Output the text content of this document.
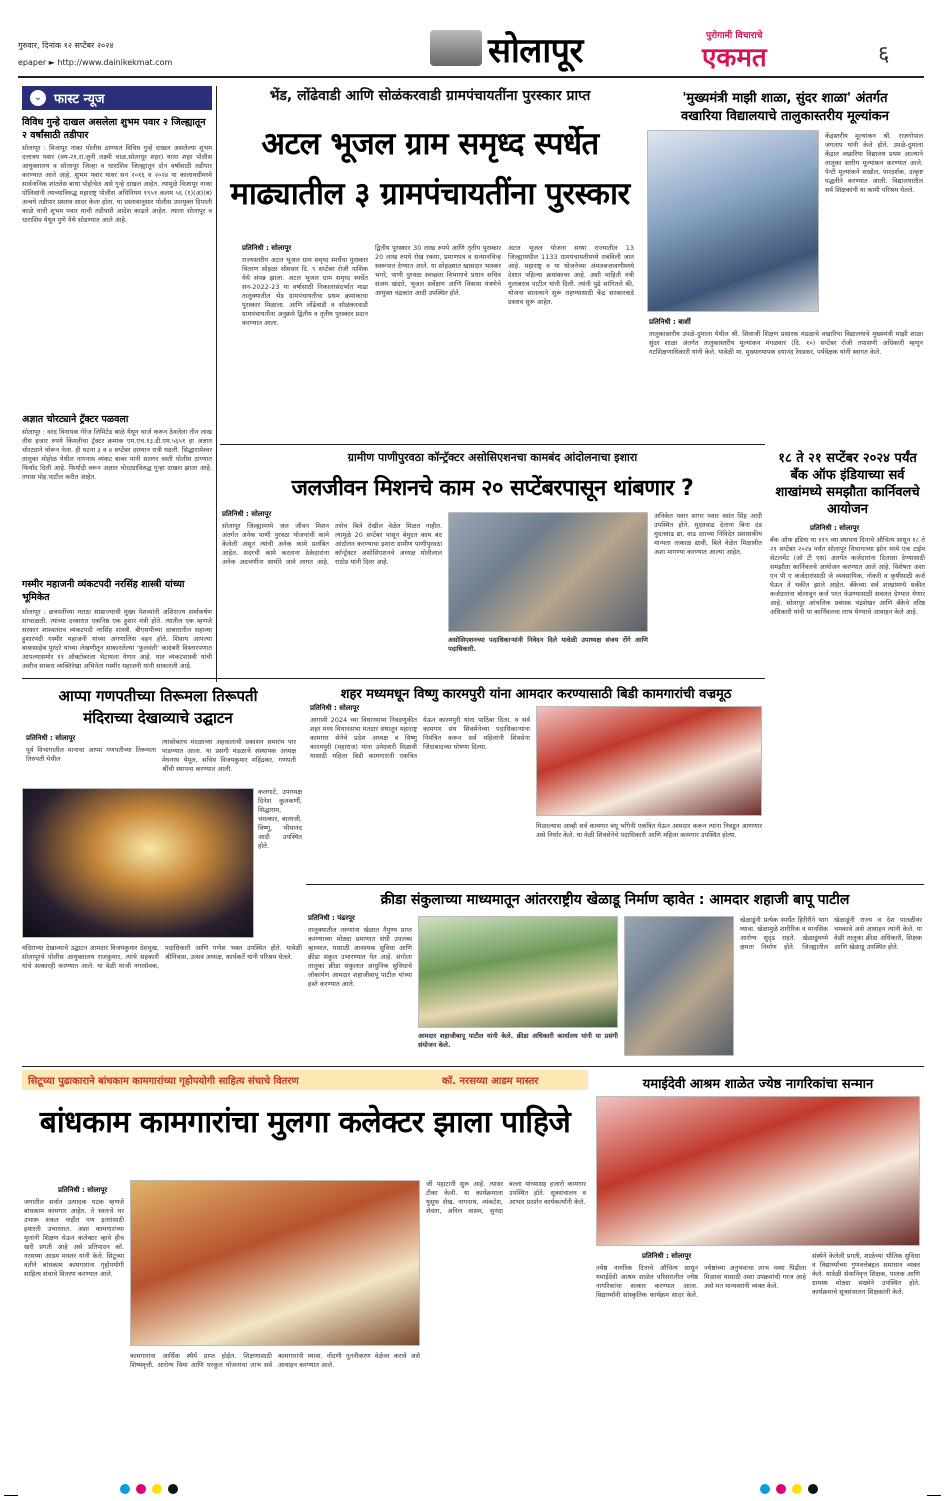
गुरुवार, दिनांक १२ सप्टेंबर २०२४
epaper ► http://www.dainikekmat.com	सोलापूर	पुरोगामी विचाराचे
एकमत	६
⌄ फास्ट न्यूज
विविध गुन्हे दाखल असलेला शुभम पवार २ जिल्ह्यातून २ वर्षांसाठी तडीपार
सोलापूर : विजापूर नाका पोलीस ठाण्यात विविध गुन्हे दाखल असलेल्या शुभम दत्तात्रय पवार (वय-२१,रा.जुनी लक्ष्मी चाळ,सोलापूर शहर) याला शहर पोलीस आयुक्तालय व सोलापूर जिल्हा व धाराशिव जिल्ह्यातून दोन वर्षांसाठी तडीपार करण्यात आले आहे. शुभम पवार यावर सन २०१६ व २०२४ या कालावधीमध्ये सार्वजनिक शांततेस बाधा पोहोचेल असे गुन्हे दाखल आहेत. त्यामुळे विजापूर नाका पोलिसांनी त्याच्याविरुद्ध महाराष्ट्र पोलीस अधिनियम १९५१ कलम ५६ (१)(अ)(ब) अन्वये तडीपार प्रस्ताव सादर केला होता. या प्रस्तावानुसार पोलीस उपायुक्त दिपाली काळे यांनी शुभम पवार याची तडीपारी आदेश काढले आहेत. त्याला सोलापूर व धाराशिव येथून पुणे येथे सोडण्यात आले आहे.
अज्ञात चोरट्याने ट्रॅक्टर पळवला
सोलापूर : वरद विनायक गेरेज लिमिटेड बाळे येथून चार्ज करून ठेवलेला तीन लाख तीस हजार रुपये किंमतीचा ट्रॅक्टर क्रमांक एम.एच.१३.डी.एम.५६५१ हा अज्ञात चोरट्याने चोरून नेला. ही घटना ३ व ४ सप्टेंबर दरम्यान रात्री घडली. सिद्धारामेश्वर तालुका मोहोळ येथील नागनाथ व्यंकट बाबर यांनी सलगर वस्ती पोलीस ठाण्यात फिर्याद दिली आहे. फिर्यादी वरून अज्ञात चोरट्याविरुद्ध गुन्हा दाखल झाला आहे. तपास पोह.पाटील करीत आहेत.
गस्मीर महाजनी व्यंकटपदी नरसिंह शास्त्री यांच्या भूमिकेत
सोलापूर : छत्रपतींच्या मराठा साम्राज्याची मुख्य पेशव्यांनी अशिराज्य सर्माकर्षण सांभाळली. त्यांच्या दरबारात एकनिष्ठ एक हुशार मंत्री होते. त्यातील एक म्हणजे सरकार शाश्वतराव व्यंकटपदी नरसिंह शास्त्री. बीएसपीच्या दरबारातील सहाव्या हुशारपदी गस्मीर महाजनी यांच्या अगणालिस वहन होते. शिवाय आपल्या बाबासाहेब पुरंदरे यांच्या लेखणीतून साकारलेल्या 'फुलवंती' कादंबरी विस्तारपणात आपल्यासमोर ११ ऑक्टोबरला भेटायला येणार आहे. यात व्यंकटशास्त्री यांची अशीच साकार व्यक्तिरेखा अभिनेता गस्मीर महाजनी यांनी साकारली आहे.
भेंड, लोंढेवाडी आणि सोळंकरवाडी ग्रामपंचायतींना पुरस्कार प्राप्त
अटल भूजल ग्राम समृध्द स्पर्धेत
माढ्यातील ३ ग्रामपंचायतींना पुरस्कार
प्रतिनिधी : सोलापूर
राज्यस्तरीय अटल भूजल ग्राम समृध्द स्पर्धेचा पुरस्कार वितरण सोहळा सोमवार दि. ९ सप्टेंबर रोजी नाशिक येथे संपन्न झाला. अटल भूजल ग्राम समृध्द स्पर्धेत सन-2022-23 या वर्षासाठी निकालासंदर्भात माढा तालुक्यातील भेंड ग्रामपंचायतीचा प्रथम क्रमांकाचा पुरस्कार मिळाला. आणि लोंढेवाडी व सोळंकरवाडी ग्रामपंचायतींना अनुक्रमे द्वितीय व तृतीय पुरस्कार प्रदान करण्यात आला.
द्वितीय पुरस्कार 30 लाख रुपये आणि तृतीय पुरस्कार 20 लाख रुपये रोख रकमा, प्रमाणपत्र व सन्मानचिन्ह स्वरूपात देण्यात आले. या सोहळ्यात खासदार भास्कर भगरे, पाणी पुरवठा स्वच्छता विभागाचे प्रधान सचिव संजय खंदारे, भूजल सर्वेक्षण आणि विकास यंत्रणेचे आयुक्त चंद्रकांत आदी उपस्थित होते.
अटल भूजल योजना सध्या राज्यातील 13 जिल्ह्यामधील 1133 ग्रामपंचायतीमध्ये राबविली जात आहे. महाराष्ट्र व या योजनेच्या अंमलबजावणीमध्ये देशात पहिल्या क्रमांकावर आहे. अशी माहिती मंत्री गुलाबराव पाटील यांनी दिली. त्यांनी पुढे सांगितले की, योजना सातत्याने सुरू राहण्यासाठी केंद्र सरकारकडे प्रस्ताव सुरू आहेत.
'मुख्यमंत्री माझी शाळा, सुंदर शाळा' अंतर्गत
वखारिया विद्यालयाचे तालुकास्तरीय मूल्यांकन
केंद्रस्तरीय मूल्यांकन श्री. राजगोपाल जगताप यांनी केले होते. उपळे-दुमाला केंद्रात वखारिया विद्यालय प्रथम आल्याने तालुका स्तरीय मूल्यांकन करण्यात आले. पेन्टी मूल्यांकने सखोल, पारदर्शक, उत्कृष्ट पद्धतीने करण्यात आली. विद्यालयातील सर्व शिक्षकांनी या कामी परिश्रम घेतले.
प्रतिनिधी : बार्शी
तालुकास्तरीय उपळे-दुमाला येथील श्री. शिवाजी शिक्षण प्रसारक मंडळाचे वखारिया विद्यालयाचे मुख्यमंत्री माझी शाळा सुंदर शाळा अंतर्गत तालुकास्तरीय मूल्यांकन मंगळवार (दि. १०) सप्टेंबर रोजी तपासणी अधिकारी म्हणून गटशिक्षणाधिकारी यांनी केले. यावेळी मा. मुख्याध्यापक दयानंद रेवडकर, पर्यवेक्षक यांनी स्वागत केले.
ग्रामीण पाणीपुरवठा कॉन्ट्रॅक्टर असोसिएशनचा कामबंद आंदोलनाचा इशारा
जलजीवन मिशनचे काम २० सप्टेंबरपासून थांबणार ?
प्रतिनिधी : सोलापूर
सोलापूर जिल्ह्यामध्ये जल जीवन मिशन अंतर्गत अनेक पाणी पुरवठा योजनांची कामे केलेली असून त्यांची अनेक कामे प्रलंबित आहेत. सदरची कामे करताना ठेकेदारांना अनेक अडचणींना सामोरे जावे लागत आहे. तसेच बिले देखील वेळेत मिळत नाहीत. त्यामुळे 20 सप्टेंबर पासून बेमुदत काम बंद आंदोलन करण्याचा इशारा ग्रामीण पाणीपुरवठा कॉन्ट्रॅक्टर असोसिएशनचे अध्यक्ष मोतीलाल राठोड यांनी दिला आहे.
असोसिएशनच्या पदाधिकाऱ्यांनी निवेदन दिले यावेळी उपाध्यक्ष संजय रोंगे आणि पदाधिकारी.
अनिकेत पवार सागर पवार वसंत सिंह आदी उपस्थित होते. मुदतवाढ देताना बिना दंड मुदतवाढ द्या, वाढ दराच्या निविदेत प्रशासकीय मान्यता तत्काळ द्यावी, बिले वेळेत मिळावीत अशा मागण्या करण्यात आल्या आहेत.
१८ ते २१ सप्टेंबर २०२४ पर्यंत बँक ऑफ इंडियाच्या सर्व शाखांमध्ये समझौता कार्निवलचे आयोजन
प्रतिनिधी : सोलापूर
बँक ऑफ इंडिया या ११९ व्या स्थापना दिनाचे औचित्य साधून १८ ते २१ सप्टेंबर २०२४ पर्यंत सोलापूर विभागाच्या झोन मध्ये एक टाईम सेटलमेंट (ओ टी एस) अंतर्गत कर्जदारांना दिलासा देण्यासाठी समझौता कार्निवलचे आयोजन करण्यात आले आहे. विशेषतः अशा एन पी ए कर्जदारांसाठी जे व्यवसायिक, नोकरी व कृषीसाठी कर्ज घेऊन ते थकीत झाले आहेत. बँकेच्या सर्व शाखांमध्ये थकीत कर्जदारांना बोलावून कर्ज परत फेडण्यासाठी सवलत देण्यात येणार आहे. सोलापूर आंचलिक प्रबंधक चंद्रशेखर आणि बँकेचे वरिष्ठ अधिकारी यांनी या कार्निवलचा लाभ घेण्याचे आवाहन केले आहे.
आप्पा गणपतीच्या तिरूमला तिरूपती
मंदिराच्या देखाव्याचे उद्घाटन
प्रतिनिधी : सोलापूर
पूर्व विभागातील मानाचा आप्पा गणपतीच्या तिरूमला तिरुपती येथील
त्यासोबतच मंदळाच्या अहवालाची प्रकाशन समारंभ पार पाडण्यात आला. या प्रसंगी मंडळाचे संस्थापक अध्यक्ष मेघनाथ येमूल, सचिव विजयकुमार महिंद्रकर, गणपती श्रींची स्थापना करण्यात आली.
कलगाटे, उपाध्यक्ष दिनेश कुलकर्णी, सिद्धाराम, चमत्कार, बालाजी, विष्णू, भीमानंद आदी उपस्थित होते.
मंदिराच्या देखाव्याचे उद्घाटन आमदार विजयकुमार देशमुख, सोलापूरचे पोलीस आयुक्तालय राजकुमार, त्यांचे सहकारी यांचे सत्कारही करण्यात आले. या वेळी माजी नगरसेवक, पदाधिकारी आणि गणेश भक्त उपस्थित होते. यावेळी श्रीनिवास, उत्सव अध्यक्ष, कार्यकर्ते यांनी परिश्रम घेतले.
शहर मध्यमधून विष्णु कारमपुरी यांना आमदार करण्यासाठी बिडी कामगारांची वज्रमूठ
प्रतिनिधी : सोलापूर
आगामी 2024 च्या विधानसभा निवडणुकीत शहर मध्य विधानसभा मतदार संघातून महाराष्ट्र कामगार सेनेचे प्रदेश अध्यक्ष व विष्णु कारमपुरी (महाराज) यांना उमेदवारी मिळावी यासाठी महिला बिडी कामगारांनी एकत्रित येऊन कारमपुरी यांना पाठिंबा दिला. व सर्व कामगार संघ शिवसेनेच्या पदाधिकाऱ्यांना निमंत्रित करून सर्व महिलांनी शिवसेना जिंदाबादच्या घोषणा दिल्या.
मिळाल्यास आम्ही सर्व कामगार बंधू भगिनी एकत्रित येऊन आमदार करून त्यांना निवडून आणणार असे निर्धार केले. या वेळी शिवसेनेचे पदाधिकारी आणि महिला कामगार उपस्थित होत्या.
क्रीडा संकुलाच्या माध्यमातून आंतरराष्ट्रीय खेळाडू निर्माण व्हावेत : आमदार शहाजी बापू पाटील
प्रतिनिधी : पंढरपूर
तालुक्यातील तरुणांना खेळात नैपुण्य प्राप्त करण्याच्या मोठ्या प्रमाणात संधी उपलब्ध व्हाव्यात, यासाठी आवश्यक सुविधा आणि क्रीडा संकुल उभारण्यात येत आहे. संगोला तालुका क्रीडा संकुलात आधुनिक सुविधांचे लोकार्पण आमदार शहाजीबापू पाटील यांच्या हस्ते करण्यात आले.
आमदार शहाजीबापू पाटील यांनी केले. क्रीडा अधिकारी कार्यालय यांनी या प्रसंगी संयोजन केले.
खेळाडूंनी प्रत्येक स्पर्धेत हिरीरीने भाग घ्यावा. खेळामुळे शारीरिक व मानसिक आरोग्य सुदृढ राहते. खेळाडूंमध्ये क्षमता निर्माण होते. जिल्ह्यातील खेळाडूंनी राज्य व देश पातळीवर चमकावे असे आवाहन त्यांनी केले. या वेळी तालुका क्रीडा अधिकारी, शिक्षक आणि खेळाडू उपस्थित होते.
सिटूच्या पुढाकाराने बांधकाम कामगारांच्या गृहोपयोगी साहित्य संचाचे वितरण	कॉ. नरसय्या आडम मास्तर
बांधकाम कामगारांचा मुलगा कलेक्टर झाला पाहिजे
प्रतिनिधी : सोलापूर
जगातील सर्वात उत्पादक घटक म्हणजे बांधकाम कामगार आहेत. ते स्वतःचे घर उभारू शकत नाहीत पण इतरांसाठी इमारती उभारतात. अशा कामगारांच्या मुलांनी शिक्षण घेऊन कलेक्टर व्हावे हीच खरी प्रगती आहे असे प्रतिपादन कॉ. नरसय्या आडम मास्तर यांनी केले. सिटूच्या वतीने बांधकाम कामगारांना गृहोपयोगी साहित्य संचाचे वितरण करण्यात आले.
कामगारांना आर्थिक स्थैर्य प्राप्त होईल. शिक्षणासाठी शिष्यवृत्ती, आरोग्य विमा आणि घरकुल योजनांचा लाभ सर्व कामगारांनी घ्यावा. नोंदणी नूतनीकरण वेळेवर करावे असे आवाहन करण्यात आले.
जी पहाटानी सुरू आहे. त्यावर टीका केली. या कार्यक्रमाला युसूफ शेख, नागनाथ, व्यंकटेश, शेवंता, अनिल वासम, सुनंदा बल्ला यांच्यासह हजारो कामगार उपस्थित होते. सूत्रसंचालन व आभार प्रदर्शन कार्यकर्त्यांनी केले.
यमाईदेवी आश्रम शाळेत ज्येष्ठ नागरिकांचा सन्मान
प्रतिनिधी : सोलापूर
ज्येष्ठ नागरिक दिनाचे औचित्य साधून यमाईदेवी आश्रम शाळेत परिसरातील ज्येष्ठ नागरिकांचा सत्कार करण्यात आला. विद्यार्थ्यांनी सांस्कृतिक कार्यक्रम सादर केले. ज्येष्ठांच्या अनुभवाचा लाभ नव्या पिढीला मिळावा यासाठी अशा उपक्रमांची गरज आहे असे मत मान्यवरांनी व्यक्त केले.
संस्थेने केलेली प्रगती, शाळेच्या भौतिक सुविधा व विद्यार्थ्यांच्या गुणवत्तेबद्दल समाधान व्यक्त केले. यावेळी सेवानिवृत्त शिक्षक, पालक आणि ग्रामस्थ मोठ्या संख्येने उपस्थित होते. कार्यक्रमाचे सूत्रसंचालन शिक्षकांनी केले.
